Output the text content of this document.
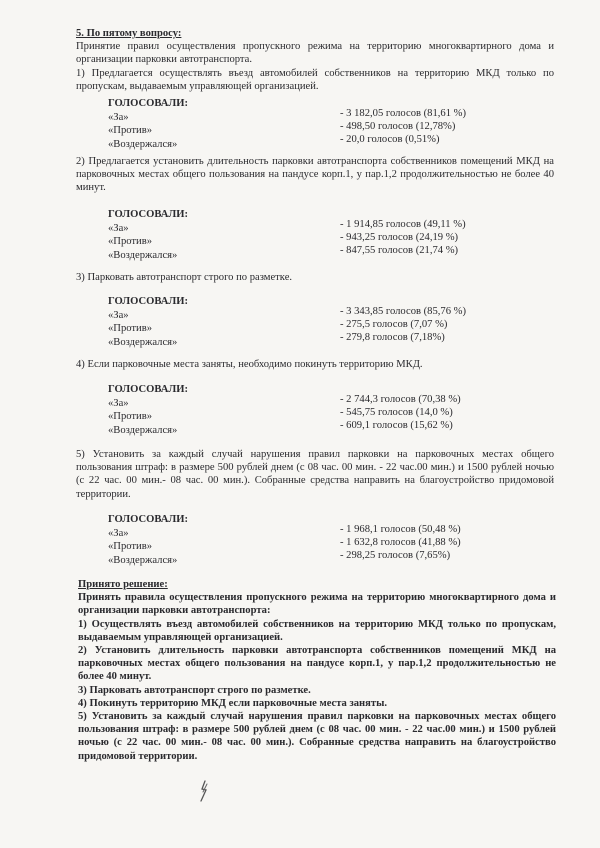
5. По пятому вопросу:
Принятие правил осуществления пропускного режима на территорию многоквартирного дома и организации парковки автотранспорта.
1) Предлагается осуществлять въезд автомобилей собственников на территорию МКД только по пропускам, выдаваемым управляющей организацией.
ГОЛОСОВАЛИ:
«За»
«Против»
«Воздержался»
- 3 182,05 голосов (81,61 %)
- 498,50 голосов (12,78%)
- 20,0 голосов (0,51%)
2) Предлагается установить длительность парковки автотранспорта собственников помещений МКД на парковочных местах общего пользования на пандусе корп.1, у пар.1,2 продолжительностью не более 40 минут.
ГОЛОСОВАЛИ:
«За»
«Против»
«Воздержался»
- 1 914,85 голосов (49,11 %)
- 943,25 голосов (24,19 %)
- 847,55 голосов (21,74 %)
3) Парковать автотранспорт строго по разметке.
ГОЛОСОВАЛИ:
«За»
«Против»
«Воздержался»
- 3 343,85 голосов (85,76 %)
- 275,5 голосов (7,07 %)
- 279,8 голосов (7,18%)
4) Если парковочные места заняты, необходимо покинуть территорию МКД.
ГОЛОСОВАЛИ:
«За»
«Против»
«Воздержался»
- 2 744,3 голосов (70,38 %)
- 545,75 голосов (14,0 %)
- 609,1 голосов (15,62 %)
5) Установить за каждый случай нарушения правил парковки на парковочных местах общего пользования штраф: в размере 500 рублей днем (с 08 час. 00 мин. - 22 час.00 мин.) и 1500 рублей ночью (с 22 час. 00 мин.- 08 час. 00 мин.). Собранные средства направить на благоустройство придомовой территории.
ГОЛОСОВАЛИ:
«За»
«Против»
«Воздержался»
- 1 968,1 голосов (50,48 %)
- 1 632,8 голосов (41,88 %)
- 298,25 голосов (7,65%)
Принято решение:
Принять правила осуществления пропускного режима на территорию многоквартирного дома и организации парковки автотранспорта:
1) Осуществлять въезд автомобилей собственников на территорию МКД только по пропускам, выдаваемым управляющей организацией.
2) Установить длительность парковки автотранспорта собственников помещений МКД на парковочных местах общего пользования на пандусе корп.1, у пар.1,2 продолжительностью не более 40 минут.
3) Парковать автотранспорт строго по разметке.
4) Покинуть территорию МКД если парковочные места заняты.
5) Установить за каждый случай нарушения правил парковки на парковочных местах общего пользования штраф: в размере 500 рублей днем (с 08 час. 00 мин. - 22 час.00 мин.) и 1500 рублей ночью (с 22 час. 00 мин.- 08 час. 00 мин.). Собранные средства направить на благоустройство придомовой территории.
